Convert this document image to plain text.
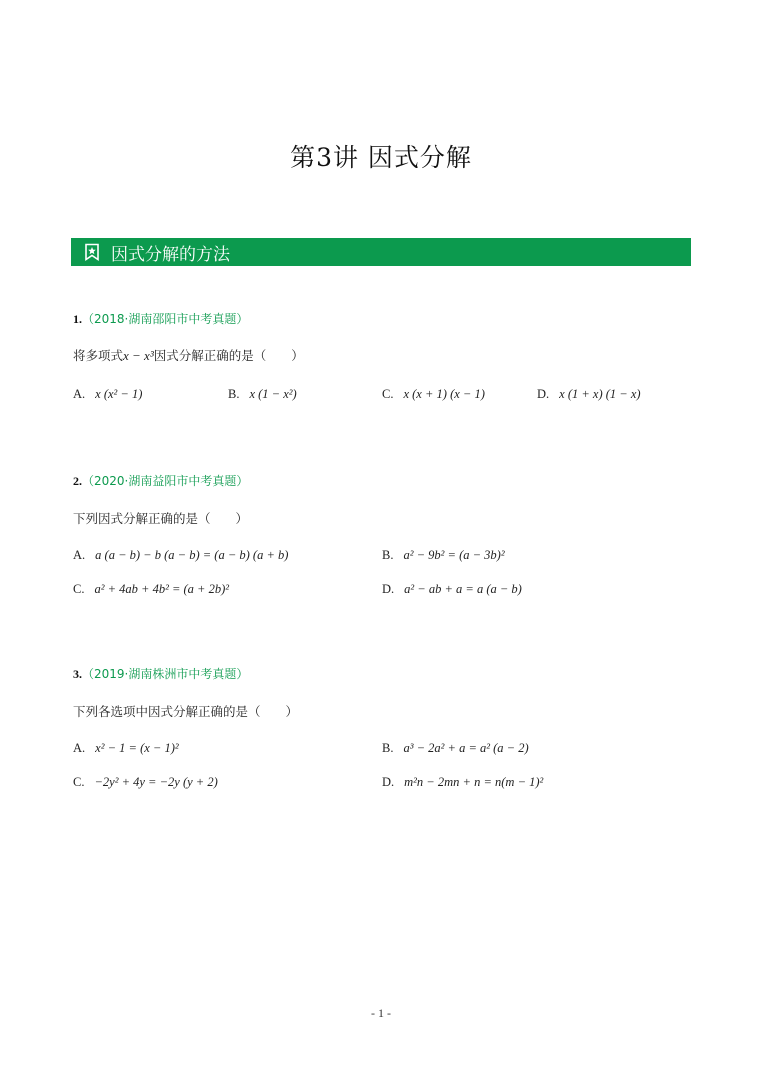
第3讲 因式分解
因式分解的方法
1.（2018·湖南邵阳市中考真题）
将多项式x − x³因式分解正确的是（　　）
A. x (x² − 1)	B. x (1 − x²)	C. x (x + 1) (x − 1)	D. x (1 + x) (1 − x)
2.（2020·湖南益阳市中考真题）
下列因式分解正确的是（　　）
A. a (a − b) − b (a − b) = (a − b) (a + b)	B. a² − 9b² = (a − 3b)²
C. a² + 4ab + 4b² = (a + 2b)²	D. a² − ab + a = a (a − b)
3.（2019·湖南株洲市中考真题）
下列各选项中因式分解正确的是（　　）
A. x² − 1 = (x − 1)²	B. a³ − 2a² + a = a² (a − 2)
C. −2y² + 4y = −2y (y + 2)	D. m²n − 2mn + n = n(m − 1)²
- 1 -
